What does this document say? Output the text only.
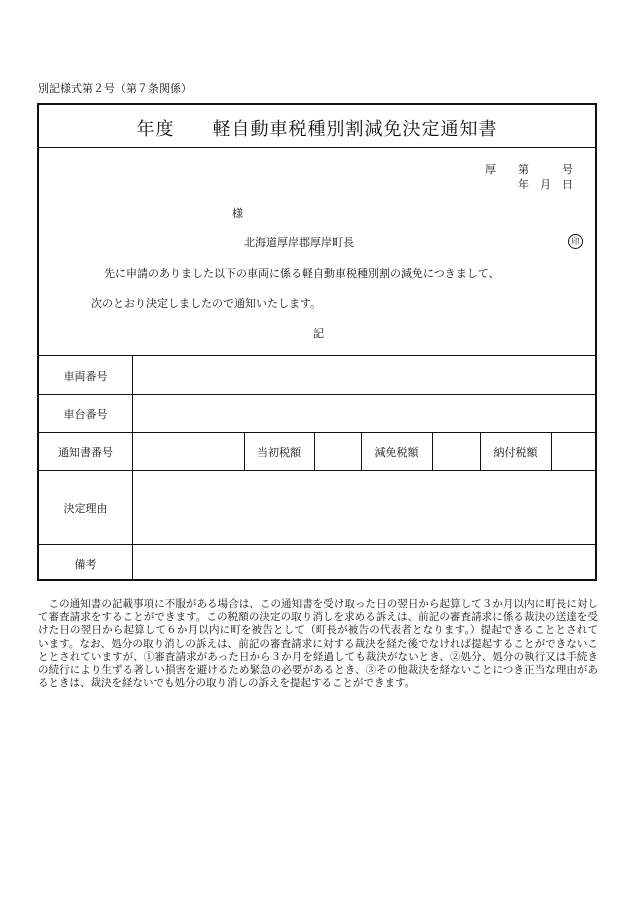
別記様式第２号（第７条関係）
年度　　軽自動車税種別割減免決定通知書
厚　　第　　　号
年　月　日
様
北海道厚岸郡厚岸町長	印
先に申請のありました以下の車両に係る軽自動車税種別割の減免につきまして、
次のとおり決定しましたので通知いたします。
記
車両番号
車台番号
通知書番号	当初税額	減免税額	納付税額
決定理由
備考
この通知書の記載事項に不服がある場合は、この通知書を受け取った日の翌日から起算して３か月以内に町長に対して審査請求をすることができます。この税額の決定の取り消しを求める訴えは、前記の審査請求に係る裁決の送達を受けた日の翌日から起算して６か月以内に町を被告として（町長が被告の代表者となります。）提起できることとされています。なお、処分の取り消しの訴えは、前記の審査請求に対する裁決を経た後でなければ提起することができないこととされていますが、①審査請求があった日から３か月を経過しても裁決がないとき、②処分、処分の執行又は手続きの続行により生ずる著しい損害を避けるため緊急の必要があるとき、③その他裁決を経ないことにつき正当な理由があるときは、裁決を経ないでも処分の取り消しの訴えを提起することができます。
